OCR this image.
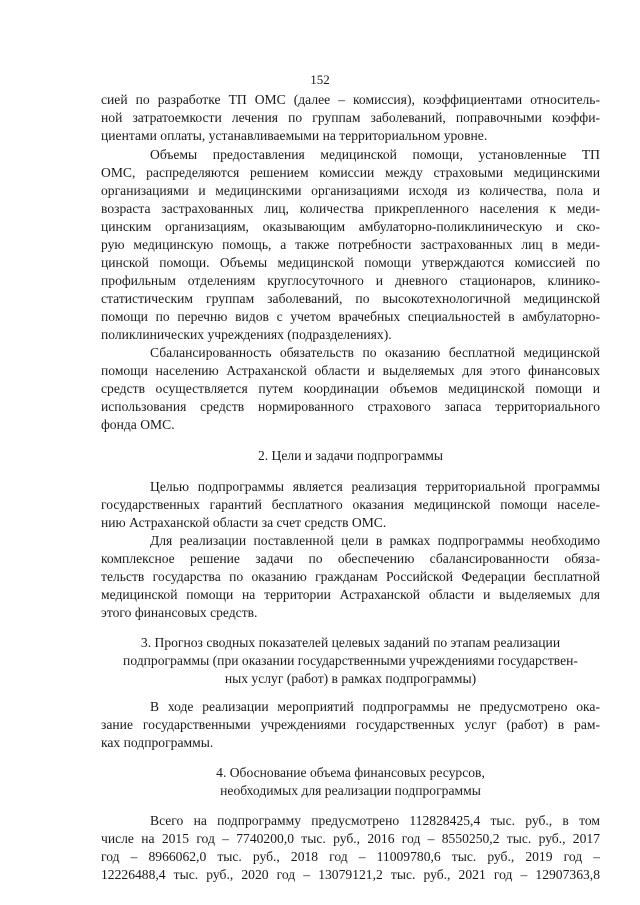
152
сией по разработке ТП ОМС (далее – комиссия), коэффициентами относитель-
ной затратоемкости лечения по группам заболеваний, поправочными коэффи-
циентами оплаты, устанавливаемыми на территориальном уровне.
Объемы предоставления медицинской помощи, установленные ТП
ОМС, распределяются решением комиссии между страховыми медицинскими
организациями и медицинскими организациями исходя из количества, пола и
возраста застрахованных лиц, количества прикрепленного населения к меди-
цинским организациям, оказывающим амбулаторно-поликлиническую и ско-
рую медицинскую помощь, а также потребности застрахованных лиц в меди-
цинской помощи. Объемы медицинской помощи утверждаются комиссией по
профильным отделениям круглосуточного и дневного стационаров, клинико-
статистическим группам заболеваний, по высокотехнологичной медицинской
помощи по перечню видов с учетом врачебных специальностей в амбулаторно-
поликлинических учреждениях (подразделениях).
Сбалансированность обязательств по оказанию бесплатной медицинской
помощи населению Астраханской области и выделяемых для этого финансовых
средств осуществляется путем координации объемов медицинской помощи и
использования средств нормированного страхового запаса территориального
фонда ОМС.
2. Цели и задачи подпрограммы
Целью подпрограммы является реализация территориальной программы
государственных гарантий бесплатного оказания медицинской помощи населе-
нию Астраханской области за счет средств ОМС.
Для реализации поставленной цели в рамках подпрограммы необходимо
комплексное решение задачи по обеспечению сбалансированности обяза-
тельств государства по оказанию гражданам Российской Федерации бесплатной
медицинской помощи на территории Астраханской области и выделяемых для
этого финансовых средств.
3. Прогноз сводных показателей целевых заданий по этапам реализации
подпрограммы (при оказании государственными учреждениями государствен-
ных услуг (работ) в рамках подпрограммы)
В ходе реализации мероприятий подпрограммы не предусмотрено ока-
зание государственными учреждениями государственных услуг (работ) в рам-
ках подпрограммы.
4. Обоснование объема финансовых ресурсов,
необходимых для реализации подпрограммы
Всего на подпрограмму предусмотрено 112828425,4 тыс. руб., в том
числе на 2015 год – 7740200,0 тыс. руб., 2016 год – 8550250,2 тыс. руб., 2017
год – 8966062,0 тыс. руб., 2018 год – 11009780,6 тыс. руб., 2019 год –
12226488,4 тыс. руб., 2020 год – 13079121,2 тыс. руб., 2021 год – 12907363,8
